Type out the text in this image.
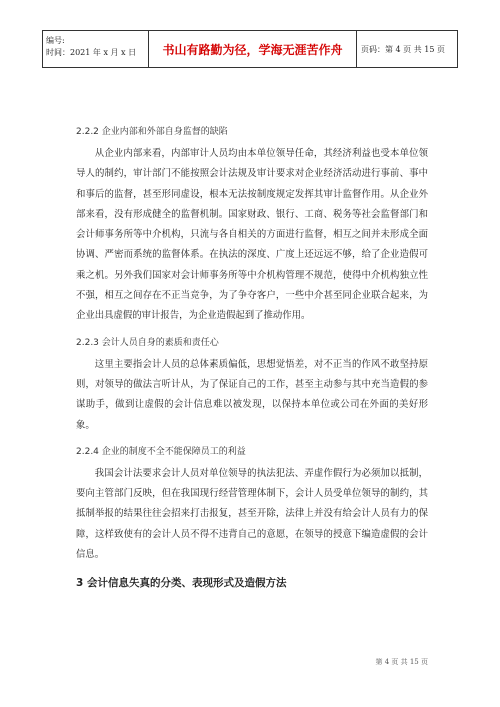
编号:
时间：2021 年 x 月 x 日	书山有路勤为径，学海无涯苦作舟	页码：第 4 页 共 15 页
2.2.2 企业内部和外部自身监督的缺陷

从企业内部来看，内部审计人员均由本单位领导任命，其经济利益也受本单位领导人的制约，审计部门不能按照会计法规及审计要求对企业经济活动进行事前、事中和事后的监督，甚至形同虚设，根本无法按制度规定发挥其审计监督作用。从企业外部来看，没有形成健全的监督机制。国家财政、银行、工商、税务等社会监督部门和会计师事务所等中介机构，只流与各自相关的方面进行监督，相互之间并未形成全面协调、严密而系统的监督体系。在执法的深度、广度上还远远不够，给了企业造假可乘之机。另外我们国家对会计师事务所等中介机构管理不规范，使得中介机构独立性不强，相互之间存在不正当竞争，为了争夺客户，一些中介甚至同企业联合起来，为企业出具虚假的审计报告，为企业造假起到了推动作用。

2.2.3 会计人员自身的素质和责任心

这里主要指会计人员的总体素质偏低，思想觉悟差，对不正当的作风不敢坚持原则，对领导的做法言听计从，为了保证自己的工作，甚至主动参与其中充当造假的参谋助手，做到让虚假的会计信息难以被发现，以保持本单位或公司在外面的美好形象。

2.2.4 企业的制度不全不能保障员工的利益

我国会计法要求会计人员对单位领导的执法犯法、弄虚作假行为必须加以抵制，要向主管部门反映，但在我国现行经营管理体制下，会计人员受单位领导的制约，其抵制举报的结果往往会招来打击报复，甚至开除，法律上并没有给会计人员有力的保障，这样致使有的会计人员不得不违背自己的意愿，在领导的授意下编造虚假的会计信息。

3 会计信息失真的分类、表现形式及造假方法
第 4 页 共 15 页
